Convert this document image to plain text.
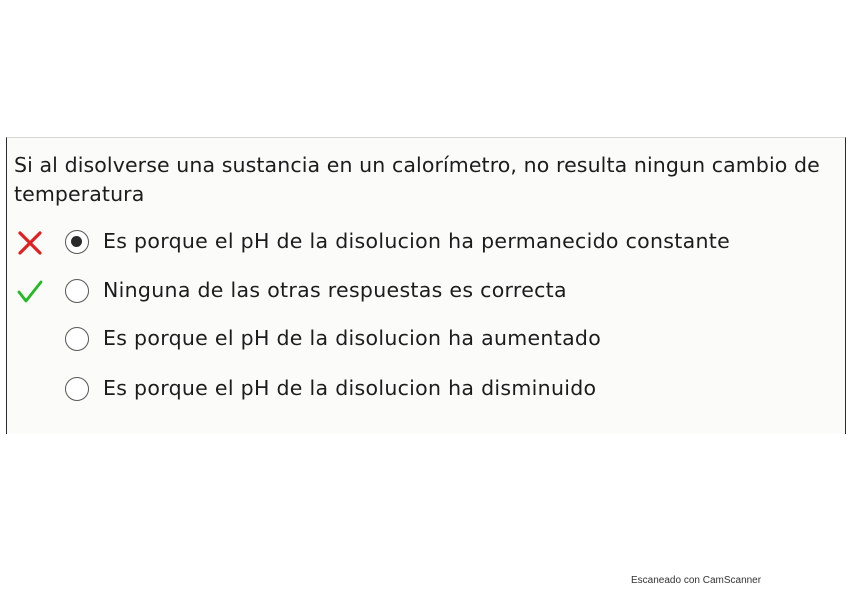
Si al disolverse una sustancia en un calorímetro, no resulta ningun cambio de temperatura

Es porque el pH de la disolucion ha permanecido constante
Ninguna de las otras respuestas es correcta
Es porque el pH de la disolucion ha aumentado
Es porque el pH de la disolucion ha disminuido
Escaneado con CamScanner
